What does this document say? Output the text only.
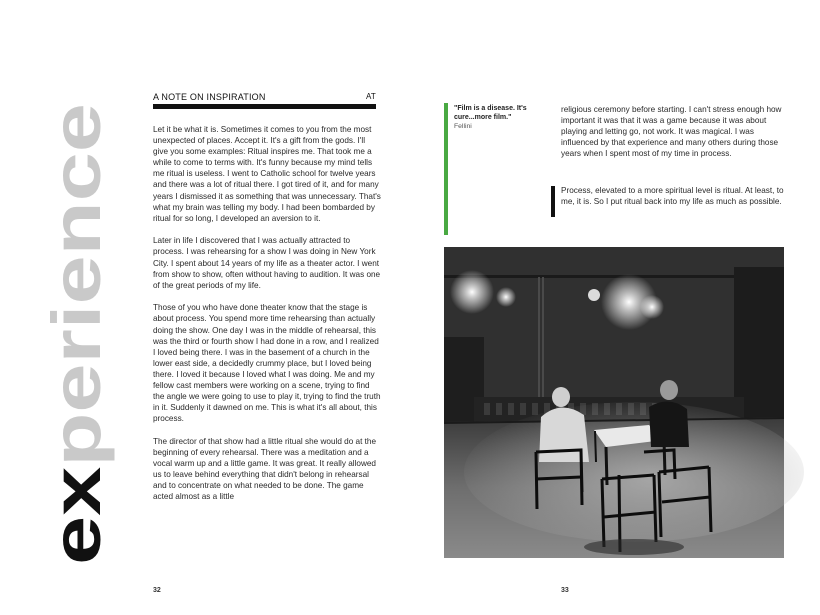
experience
A NOTE ON INSPIRATION	AT

Let it be what it is. Sometimes it comes to you from the most unexpected of places. Accept it. It's a gift from the gods. I'll give you some examples: Ritual inspires me. That took me a while to come to terms with. It's funny because my mind tells me ritual is useless. I went to Catholic school for twelve years and there was a lot of ritual there. I got tired of it, and for many years I dismissed it as something that was unnecessary. That's what my brain was telling my body. I had been bombarded by ritual for so long, I developed an aversion to it.

Later in life I discovered that I was actually attracted to process. I was rehearsing for a show I was doing in New York City. I spent about 14 years of my life as a theater actor. I went from show to show, often without having to audition. It was one of the great periods of my life.

Those of you who have done theater know that the stage is about process. You spend more time rehearsing than actually doing the show. One day I was in the middle of rehearsal, this was the third or fourth show I had done in a row, and I realized I loved being there. I was in the basement of a church in the lower east side, a decidedly crummy place, but I loved being there. I loved it because I loved what I was doing. Me and my fellow cast members were working on a scene, trying to find the angle we were going to use to play it, trying to find the truth in it. Suddenly it dawned on me. This is what it's all about, this process.

The director of that show had a little ritual she would do at the beginning of every rehearsal. There was a meditation and a vocal warm up and a little game. It was great. It really allowed us to leave behind everything that didn't belong in rehearsal and to concentrate on what needed to be done. The game acted almost as a little

"Film is a disease. It's cure...more film."
Fellini

religious ceremony before starting. I can't stress enough how important it was that it was a game because it was about playing and letting go, not work. It was magical. I was influenced by that experience and many others during those years when I spent most of my time in process.

Process, elevated to a more spiritual level is ritual. At least, to me, it is. So I put ritual back into my life as much as possible.
32	33
